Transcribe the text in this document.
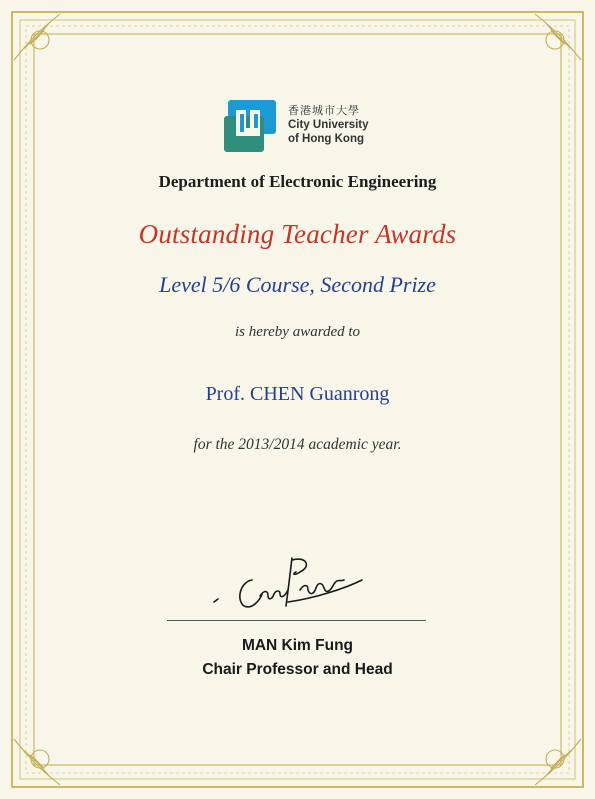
香港城市大學
City University
of Hong Kong
Department of Electronic Engineering
Outstanding Teacher Awards
Level 5/6 Course, Second Prize
is hereby awarded to
Prof. CHEN Guanrong
for the 2013/2014 academic year.
MAN Kim Fung
Chair Professor and Head
